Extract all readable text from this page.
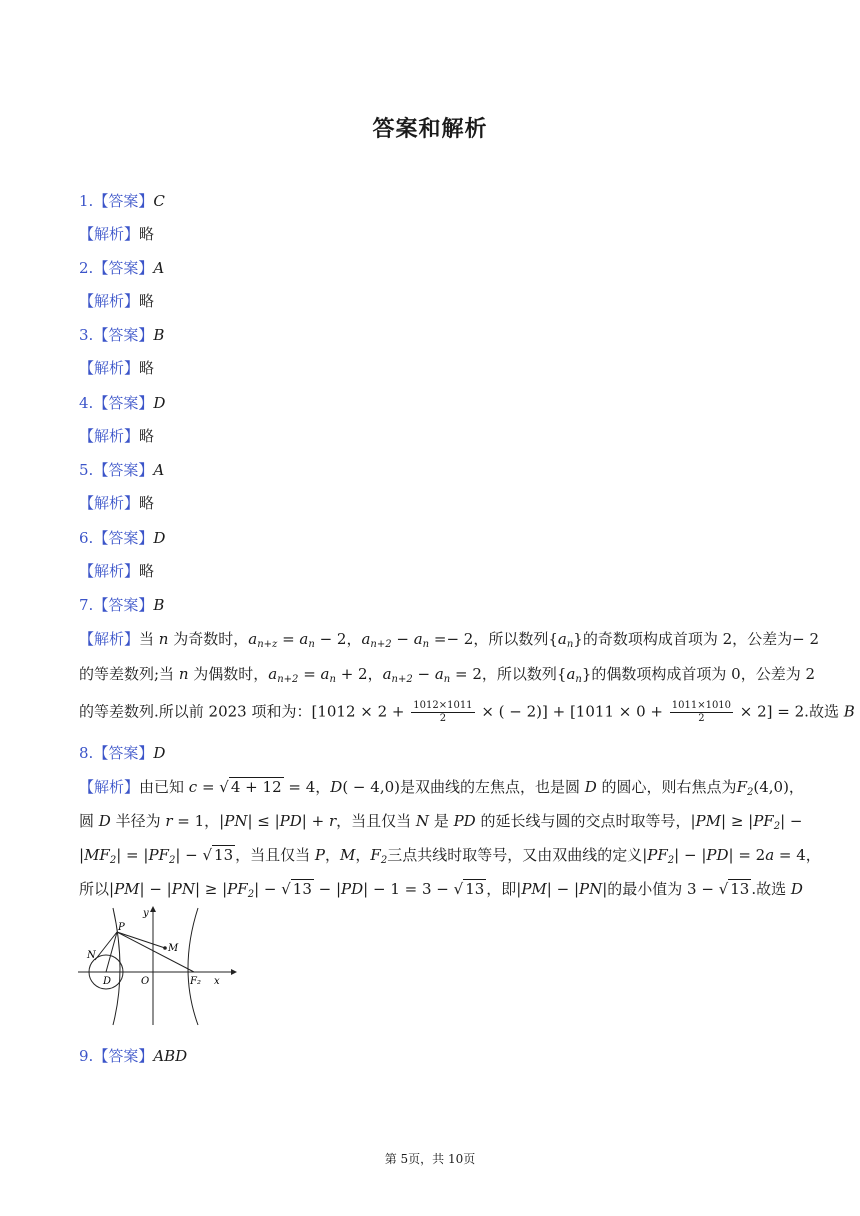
答案和解析
1.【答案】C
【解析】略
2.【答案】A
【解析】略
3.【答案】B
【解析】略
4.【答案】D
【解析】略
5.【答案】A
【解析】略
6.【答案】D
【解析】略
7.【答案】B
【解析】当 n 为奇数时，$a_{n+z} = a_n - 2$，$a_{n+2} - a_n =- 2$，所以数列$\{a_n\}$的奇数项构成首项为 2，公差为− 2
的等差数列;当 n 为偶数时，$a_{n+2} = a_n + 2$，$a_{n+2} - a_n = 2$，所以数列$\{a_n\}$的偶数项构成首项为 0，公差为 2
的等差数列.所以前 2023 项和为：[$1012 \times 2 + \frac{1012\times 1011}{2}$ × ( − $2)] + [1011 \times 0 + \frac{1011\times 1010}{2} \times 2] = 2$.故选 B
8.【答案】D
【解析】由已知 c = √ 4 + 12 = 4，D( − 4,0)是双曲线的左焦点，也是圆 D 的圆心，则右焦点为$F_2(4,0)$，
圆 D 半径为 r = 1，|PN| ≤ |PD| + r，当且仅当 N 是 PD 的延长线与圆的交点时取等号，$|PM| \ge |PF_2|$ −
$|MF_2| = |PF_2|$ − √ 13 ，当且仅当 P，M，$F_2$三点共线时取等号，又由双曲线的定义$|PF_2| - |PD| = 2a = 4$，
所以$|PM| - |PN| \ge |PF_2|$ − √ 13 − |PD| − 1 = 3 − √ 13 ，即|PM| − |PN|的最小值为 3 − √ 13 .故选 D
y
x
P
M
N
D	O	F₂
9.【答案】ABD
第 5页，共 10页
